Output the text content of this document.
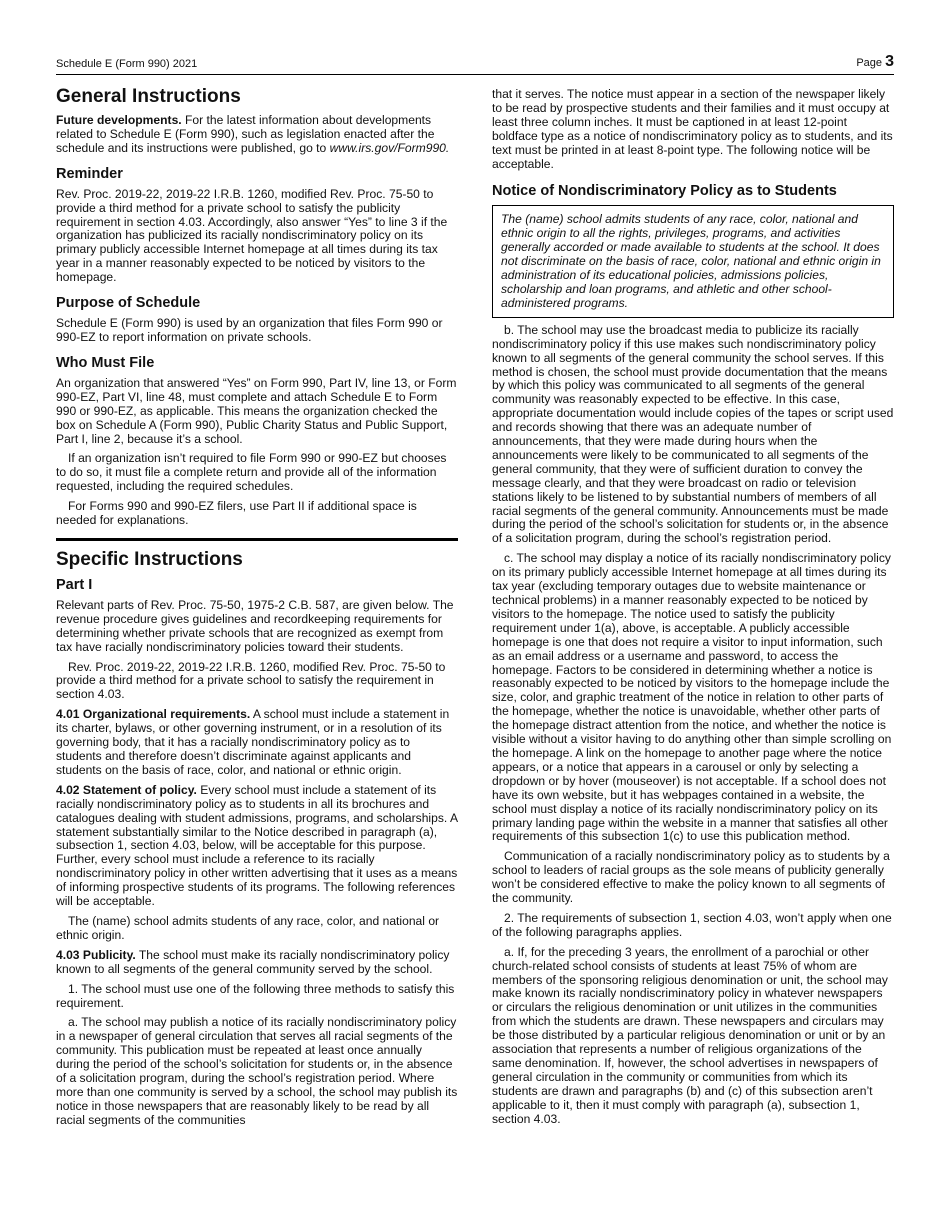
Schedule E (Form 990) 2021	Page 3
General Instructions

Future developments. For the latest information about developments related to Schedule E (Form 990), such as legislation enacted after the schedule and its instructions were published, go to www.irs.gov/Form990.

Reminder

Rev. Proc. 2019-22, 2019-22 I.R.B. 1260, modified Rev. Proc. 75-50 to provide a third method for a private school to satisfy the publicity requirement in section 4.03. Accordingly, also answer “Yes” to line 3 if the organization has publicized its racially nondiscriminatory policy on its primary publicly accessible Internet homepage at all times during its tax year in a manner reasonably expected to be noticed by visitors to the homepage.

Purpose of Schedule

Schedule E (Form 990) is used by an organization that files Form 990 or 990-EZ to report information on private schools.

Who Must File

An organization that answered “Yes” on Form 990, Part IV, line 13, or Form 990-EZ, Part VI, line 48, must complete and attach Schedule E to Form 990 or 990-EZ, as applicable. This means the organization checked the box on Schedule A (Form 990), Public Charity Status and Public Support, Part I, line 2, because it’s a school.

If an organization isn’t required to file Form 990 or 990-EZ but chooses to do so, it must file a complete return and provide all of the information requested, including the required schedules.

For Forms 990 and 990-EZ filers, use Part II if additional space is needed for explanations.

Specific Instructions
Part I

Relevant parts of Rev. Proc. 75-50, 1975-2 C.B. 587, are given below. The revenue procedure gives guidelines and recordkeeping requirements for determining whether private schools that are recognized as exempt from tax have racially nondiscriminatory policies toward their students.

Rev. Proc. 2019-22, 2019-22 I.R.B. 1260, modified Rev. Proc. 75-50 to provide a third method for a private school to satisfy the requirement in section 4.03.

4.01 Organizational requirements. A school must include a statement in its charter, bylaws, or other governing instrument, or in a resolution of its governing body, that it has a racially nondiscriminatory policy as to students and therefore doesn’t discriminate against applicants and students on the basis of race, color, and national or ethnic origin.

4.02 Statement of policy. Every school must include a statement of its racially nondiscriminatory policy as to students in all its brochures and catalogues dealing with student admissions, programs, and scholarships. A statement substantially similar to the Notice described in paragraph (a), subsection 1, section 4.03, below, will be acceptable for this purpose. Further, every school must include a reference to its racially nondiscriminatory policy in other written advertising that it uses as a means of informing prospective students of its programs. The following references will be acceptable.

The (name) school admits students of any race, color, and national or ethnic origin.

4.03 Publicity. The school must make its racially nondiscriminatory policy known to all segments of the general community served by the school.

1. The school must use one of the following three methods to satisfy this requirement.

a. The school may publish a notice of its racially nondiscriminatory policy in a newspaper of general circulation that serves all racial segments of the community. This publication must be repeated at least once annually during the period of the school’s solicitation for students or, in the absence of a solicitation program, during the school’s registration period. Where more than one community is served by a school, the school may publish its notice in those newspapers that are reasonably likely to be read by all racial segments of the communities

that it serves. The notice must appear in a section of the newspaper likely to be read by prospective students and their families and it must occupy at least three column inches. It must be captioned in at least 12-point boldface type as a notice of nondiscriminatory policy as to students, and its text must be printed in at least 8-point type. The following notice will be acceptable.

Notice of Nondiscriminatory Policy as to Students
The (name) school admits students of any race, color, national and ethnic origin to all the rights, privileges, programs, and activities generally accorded or made available to students at the school. It does not discriminate on the basis of race, color, national and ethnic origin in administration of its educational policies, admissions policies, scholarship and loan programs, and athletic and other school-administered programs.

b. The school may use the broadcast media to publicize its racially nondiscriminatory policy if this use makes such nondiscriminatory policy known to all segments of the general community the school serves. If this method is chosen, the school must provide documentation that the means by which this policy was communicated to all segments of the general community was reasonably expected to be effective. In this case, appropriate documentation would include copies of the tapes or script used and records showing that there was an adequate number of announcements, that they were made during hours when the announcements were likely to be communicated to all segments of the general community, that they were of sufficient duration to convey the message clearly, and that they were broadcast on radio or television stations likely to be listened to by substantial numbers of members of all racial segments of the general community. Announcements must be made during the period of the school’s solicitation for students or, in the absence of a solicitation program, during the school’s registration period.

c. The school may display a notice of its racially nondiscriminatory policy on its primary publicly accessible Internet homepage at all times during its tax year (excluding temporary outages due to website maintenance or technical problems) in a manner reasonably expected to be noticed by visitors to the homepage. The notice used to satisfy the publicity requirement under 1(a), above, is acceptable. A publicly accessible homepage is one that does not require a visitor to input information, such as an email address or a username and password, to access the homepage. Factors to be considered in determining whether a notice is reasonably expected to be noticed by visitors to the homepage include the size, color, and graphic treatment of the notice in relation to other parts of the homepage, whether the notice is unavoidable, whether other parts of the homepage distract attention from the notice, and whether the notice is visible without a visitor having to do anything other than simple scrolling on the homepage. A link on the homepage to another page where the notice appears, or a notice that appears in a carousel or only by selecting a dropdown or by hover (mouseover) is not acceptable. If a school does not have its own website, but it has webpages contained in a website, the school must display a notice of its racially nondiscriminatory policy on its primary landing page within the website in a manner that satisfies all other requirements of this subsection 1(c) to use this publication method.

Communication of a racially nondiscriminatory policy as to students by a school to leaders of racial groups as the sole means of publicity generally won’t be considered effective to make the policy known to all segments of the community.

2. The requirements of subsection 1, section 4.03, won’t apply when one of the following paragraphs applies.

a. If, for the preceding 3 years, the enrollment of a parochial or other church-related school consists of students at least 75% of whom are members of the sponsoring religious denomination or unit, the school may make known its racially nondiscriminatory policy in whatever newspapers or circulars the religious denomination or unit utilizes in the communities from which the students are drawn. These newspapers and circulars may be those distributed by a particular religious denomination or unit or by an association that represents a number of religious organizations of the same denomination. If, however, the school advertises in newspapers of general circulation in the community or communities from which its students are drawn and paragraphs (b) and (c) of this subsection aren’t applicable to it, then it must comply with paragraph (a), subsection 1, section 4.03.
